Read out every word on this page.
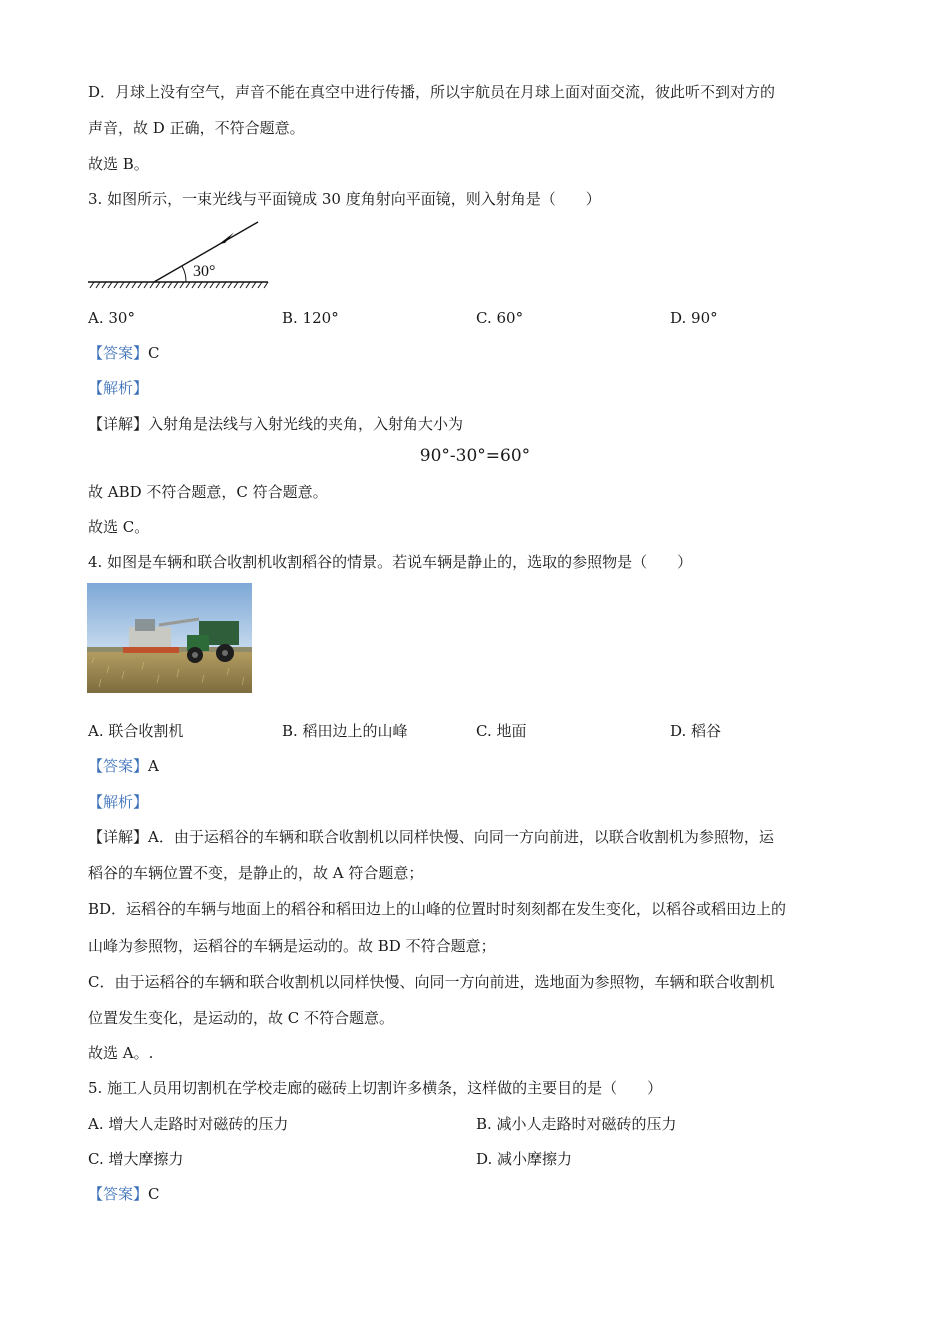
D．月球上没有空气，声音不能在真空中进行传播，所以宇航员在月球上面对面交流，彼此听不到对方的
声音，故 D 正确，不符合题意。
故选 B。
3. 如图所示，一束光线与平面镜成 30 度角射向平面镜，则入射角是（　　）
30°
A. 30°	B. 120°	C. 60°	D. 90°
【答案】C
【解析】
【详解】入射角是法线与入射光线的夹角，入射角大小为
90°-30°=60°
故 ABD 不符合题意，C 符合题意。
故选 C。
4. 如图是车辆和联合收割机收割稻谷的情景。若说车辆是静止的，选取的参照物是（　　）
A. 联合收割机	B. 稻田边上的山峰	C. 地面	D. 稻谷
【答案】A
【解析】
【详解】A．由于运稻谷的车辆和联合收割机以同样快慢、向同一方向前进，以联合收割机为参照物，运
稻谷的车辆位置不变，是静止的，故 A 符合题意；
BD．运稻谷的车辆与地面上的稻谷和稻田边上的山峰的位置时时刻刻都在发生变化，以稻谷或稻田边上的
山峰为参照物，运稻谷的车辆是运动的。故 BD 不符合题意；
C．由于运稻谷的车辆和联合收割机以同样快慢、向同一方向前进，选地面为参照物，车辆和联合收割机
位置发生变化，是运动的，故 C 不符合题意。
故选 A。.
5. 施工人员用切割机在学校走廊的磁砖上切割许多横条，这样做的主要目的是（　　）
A. 增大人走路时对磁砖的压力	B. 减小人走路时对磁砖的压力
C. 增大摩擦力	D. 减小摩擦力
【答案】C
